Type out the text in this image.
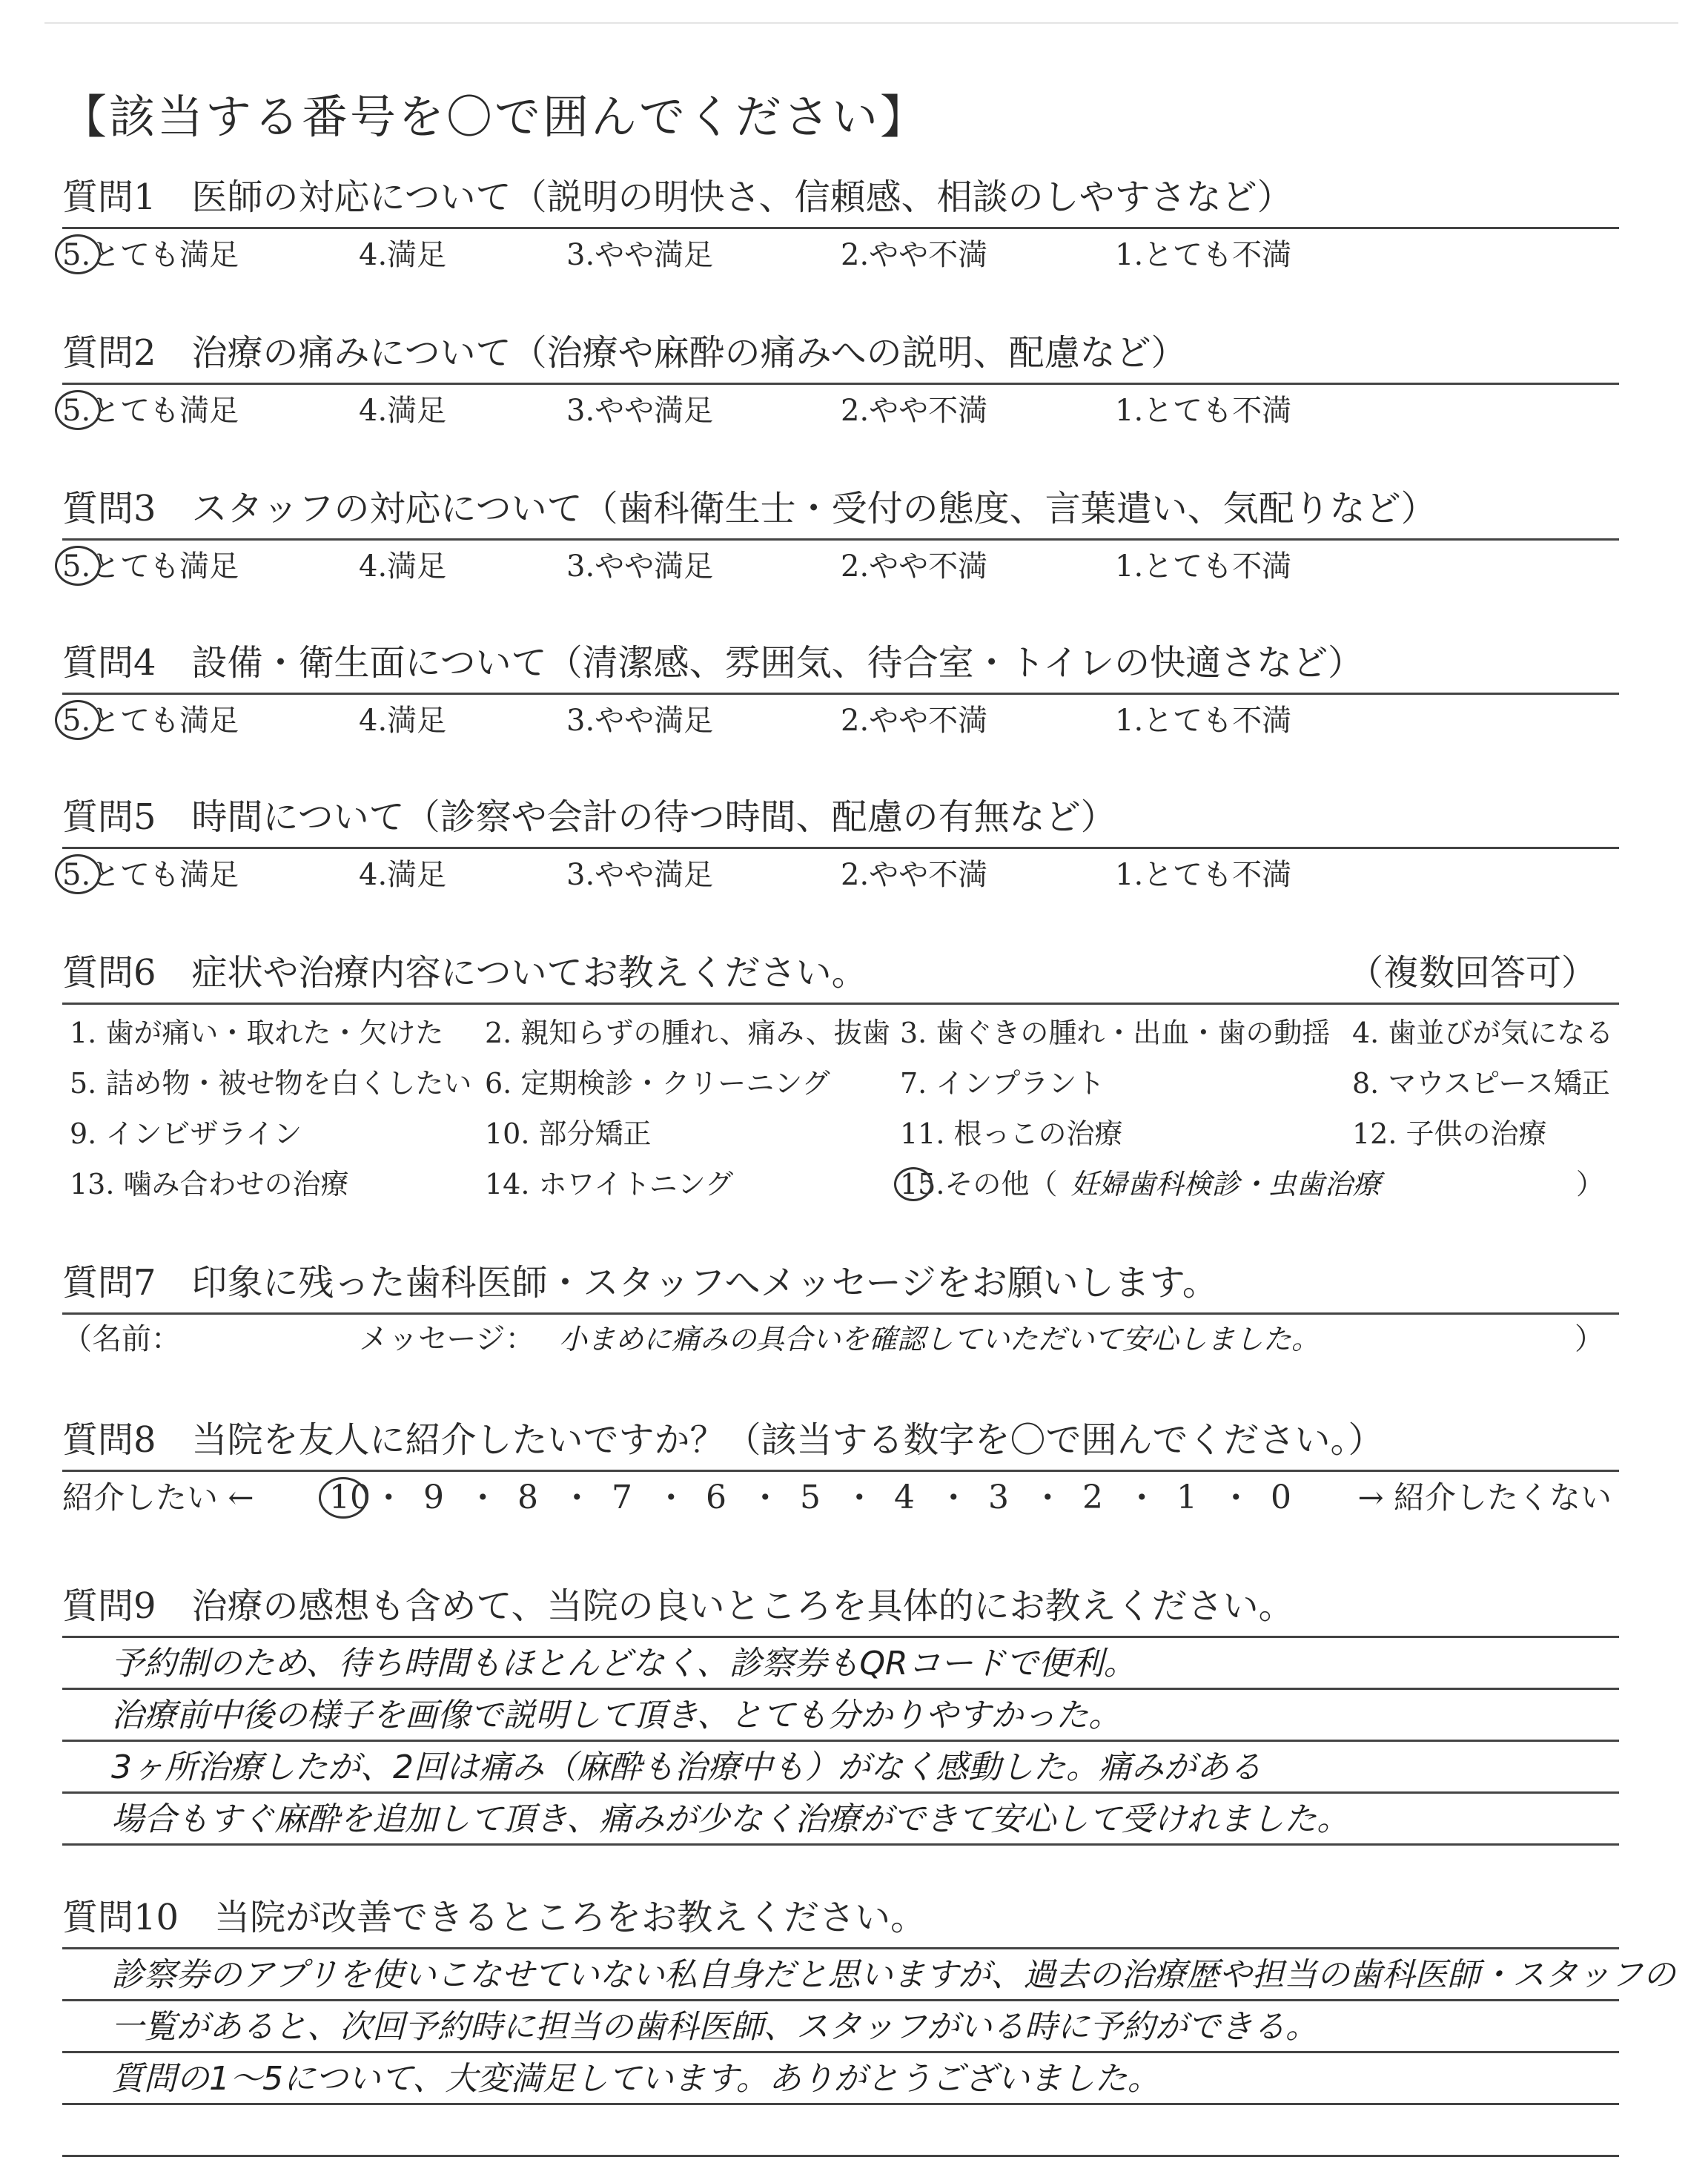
【該当する番号を〇で囲んでください】
質問1　医師の対応について（説明の明快さ、信頼感、相談のしやすさなど）
5.とても満足	4.満足	3.やや満足	2.やや不満	1.とても不満
質問2　治療の痛みについて（治療や麻酔の痛みへの説明、配慮など）
5.とても満足	4.満足	3.やや満足	2.やや不満	1.とても不満
質問3　スタッフの対応について（歯科衛生士・受付の態度、言葉遣い、気配りなど）
5.とても満足	4.満足	3.やや満足	2.やや不満	1.とても不満
質問4　設備・衛生面について（清潔感、雰囲気、待合室・トイレの快適さなど）
5.とても満足	4.満足	3.やや満足	2.やや不満	1.とても不満
質問5　時間について（診察や会計の待つ時間、配慮の有無など）
5.とても満足	4.満足	3.やや満足	2.やや不満	1.とても不満
質問6　症状や治療内容についてお教えください。	（複数回答可）
1. 歯が痛い・取れた・欠けた 2. 親知らずの腫れ、痛み、抜歯 3. 歯ぐきの腫れ・出血・歯の動揺 4. 歯並びが気になる
5. 詰め物・被せ物を白くしたい 6. 定期検診・クリーニング 7. インプラント	8. マウスピース矯正
9. インビザライン	10. 部分矯正	11. 根っこの治療	12. 子供の治療
13. 噛み合わせの治療	14. ホワイトニング	15.その他（ 妊婦歯科検診・虫歯治療	）
質問7　印象に残った歯科医師・スタッフへメッセージをお願いします。
（名前：	メッセージ： 小まめに痛みの具合いを確認していただいて安心しました。	）
質問8　当院を友人に紹介したいですか？（該当する数字を〇で囲んでください。）
紹介したい ←	→ 紹介したくない
10 • 9 • 8 • 7 • 6 • 5 • 4 • 3 • 2 • 1 • 0
質問9　治療の感想も含めて、当院の良いところを具体的にお教えください。
予約制のため、待ち時間もほとんどなく、診察券もQRコードで便利。
治療前中後の様子を画像で説明して頂き、とても分かりやすかった。
3ヶ所治療したが、2回は痛み（麻酔も治療中も）がなく感動した。痛みがある
場合もすぐ麻酔を追加して頂き、痛みが少なく治療ができて安心して受けれました。
質問10　当院が改善できるところをお教えください。
診察券のアプリを使いこなせていない私自身だと思いますが、過去の治療歴や担当の歯科医師・スタッフの
一覧があると、次回予約時に担当の歯科医師、スタッフがいる時に予約ができる。
質問の1〜5について、大変満足しています。ありがとうございました。
